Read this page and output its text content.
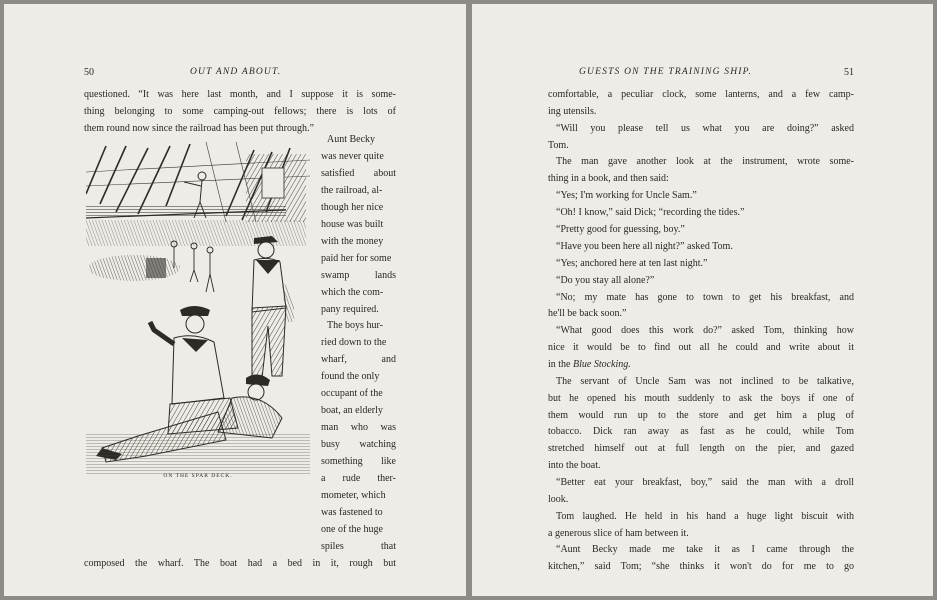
50	OUT AND ABOUT.
questioned. “It was here last month, and I suppose it is some-
thing belonging to some camping-out fellows; there is lots of
them round now since the railroad has been put through.”
ON THE SPAR DECK.
Aunt Becky
was never quite
satisfied about
the railroad, al-
though her nice
house was built
with the money
paid her for some
swamp lands
which the com-
pany required.
The boys hur-
ried down to the
wharf, and
found the only
occupant of the
boat, an elderly
man who was
busy watching
something like
a rude ther-
mometer, which
was fastened to
one of the huge
spiles that
composed the wharf. The boat had a bed in it, rough but
GUESTS ON THE TRAINING SHIP.	51
comfortable, a peculiar clock, some lanterns, and a few camp-
ing utensils.
“Will you please tell us what you are doing?” asked
Tom.
The man gave another look at the instrument, wrote some-
thing in a book, and then said:
“Yes; I'm working for Uncle Sam.”
“Oh! I know,” said Dick; “recording the tides.”
“Pretty good for guessing, boy.”
“Have you been here all night?” asked Tom.
“Yes; anchored here at ten last night.”
“Do you stay all alone?”
“No; my mate has gone to town to get his breakfast, and
he'll be back soon.”
“What good does this work do?” asked Tom, thinking how
nice it would be to find out all he could and write about it
in the Blue Stocking.
The servant of Uncle Sam was not inclined to be talkative,
but he opened his mouth suddenly to ask the boys if one of
them would run up to the store and get him a plug of
tobacco. Dick ran away as fast as he could, while Tom
stretched himself out at full length on the pier, and gazed
into the boat.
“Better eat your breakfast, boy,” said the man with a droll
look.
Tom laughed. He held in his hand a huge light biscuit with
a generous slice of ham between it.
“Aunt Becky made me take it as I came through the
kitchen,” said Tom; “she thinks it won't do for me to go
